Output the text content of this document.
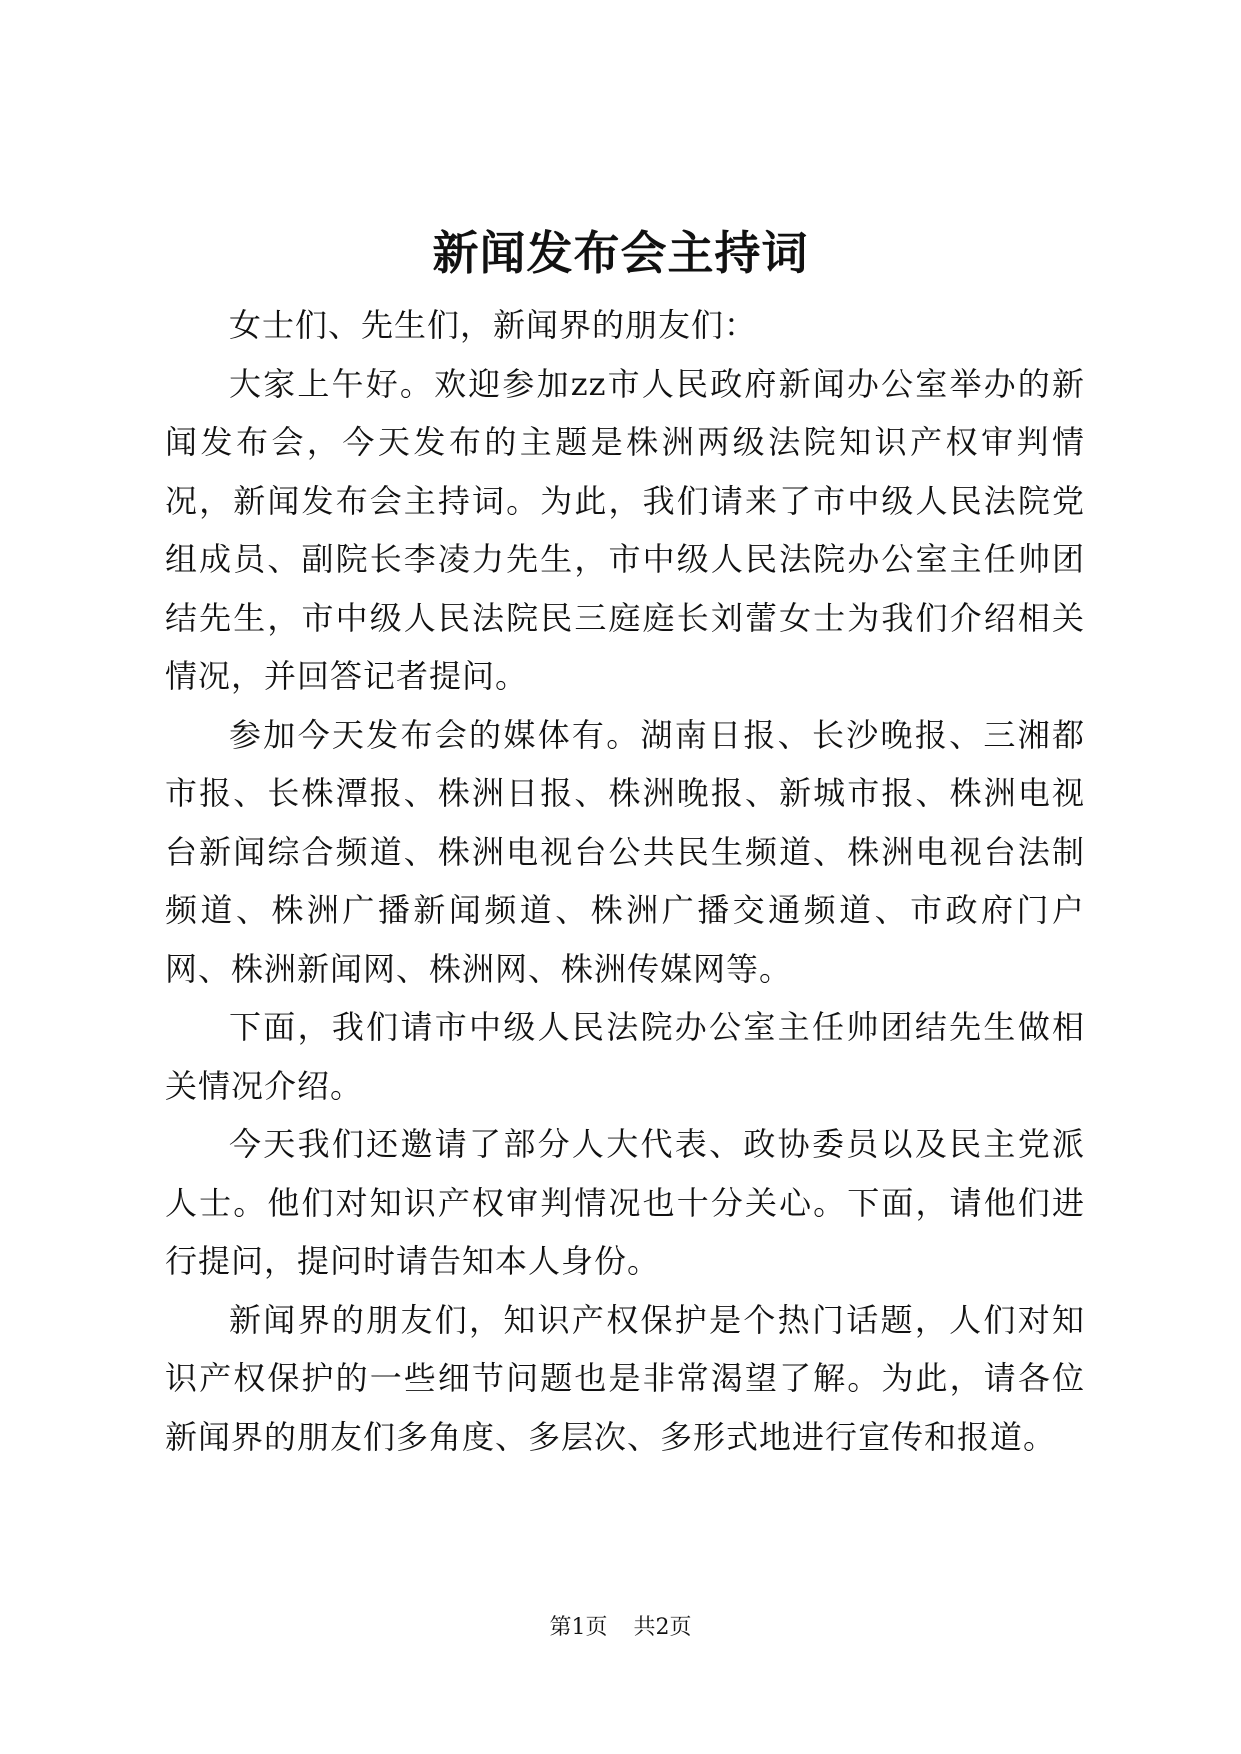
新闻发布会主持词

女士们、先生们，新闻界的朋友们：

大家上午好。欢迎参加zz市人民政府新闻办公室举办的新闻发布会，今天发布的主题是株洲两级法院知识产权审判情况，新闻发布会主持词。为此，我们请来了市中级人民法院党组成员、副院长李凌力先生，市中级人民法院办公室主任帅团结先生，市中级人民法院民三庭庭长刘蕾女士为我们介绍相关情况，并回答记者提问。

参加今天发布会的媒体有。湖南日报、长沙晚报、三湘都市报、长株潭报、株洲日报、株洲晚报、新城市报、株洲电视台新闻综合频道、株洲电视台公共民生频道、株洲电视台法制频道、株洲广播新闻频道、株洲广播交通频道、市政府门户网、株洲新闻网、株洲网、株洲传媒网等。

下面，我们请市中级人民法院办公室主任帅团结先生做相关情况介绍。

今天我们还邀请了部分人大代表、政协委员以及民主党派人士。他们对知识产权审判情况也十分关心。下面，请他们进行提问，提问时请告知本人身份。

新闻界的朋友们，知识产权保护是个热门话题，人们对知识产权保护的一些细节问题也是非常渴望了解。为此，请各位新闻界的朋友们多角度、多层次、多形式地进行宣传和报道。

第1页 共2页
